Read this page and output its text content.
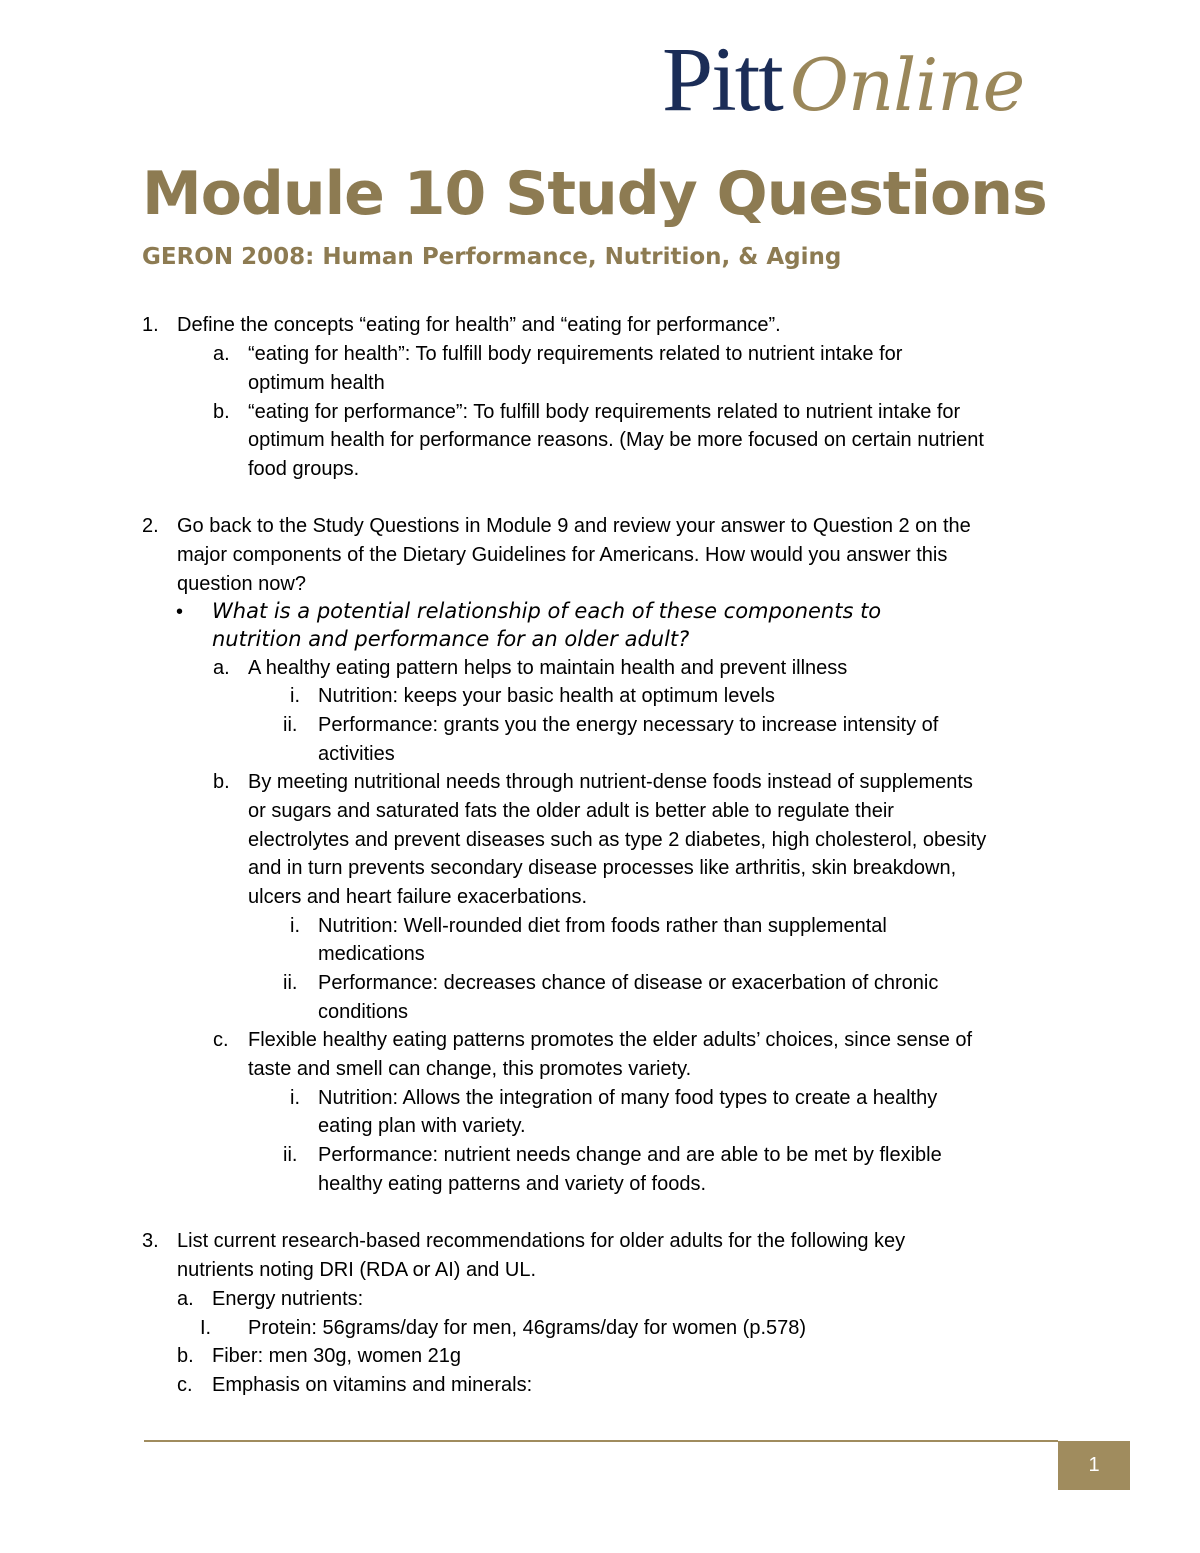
Pitt Online
Module 10 Study Questions
GERON 2008: Human Performance, Nutrition, & Aging
1. Define the concepts “eating for health” and “eating for performance”.
a. “eating for health”: To fulfill body requirements related to nutrient intake for
optimum health
b. “eating for performance”: To fulfill body requirements related to nutrient intake for
optimum health for performance reasons. (May be more focused on certain nutrient
food groups.
2. Go back to the Study Questions in Module 9 and review your answer to Question 2 on the
major components of the Dietary Guidelines for Americans. How would you answer this
question now?
• What is a potential relationship of each of these components to
nutrition and performance for an older adult?
a. A healthy eating pattern helps to maintain health and prevent illness
i. Nutrition: keeps your basic health at optimum levels
ii. Performance: grants you the energy necessary to increase intensity of
activities
b. By meeting nutritional needs through nutrient-dense foods instead of supplements
or sugars and saturated fats the older adult is better able to regulate their
electrolytes and prevent diseases such as type 2 diabetes, high cholesterol, obesity
and in turn prevents secondary disease processes like arthritis, skin breakdown,
ulcers and heart failure exacerbations.
i. Nutrition: Well-rounded diet from foods rather than supplemental
medications
ii. Performance: decreases chance of disease or exacerbation of chronic
conditions
c. Flexible healthy eating patterns promotes the elder adults’ choices, since sense of
taste and smell can change, this promotes variety.
i. Nutrition: Allows the integration of many food types to create a healthy
eating plan with variety.
ii. Performance: nutrient needs change and are able to be met by flexible
healthy eating patterns and variety of foods.
3. List current research-based recommendations for older adults for the following key
nutrients noting DRI (RDA or AI) and UL.
a. Energy nutrients:
I. Protein: 56grams/day for men, 46grams/day for women (p.578)
b. Fiber: men 30g, women 21g
c. Emphasis on vitamins and minerals:
1
